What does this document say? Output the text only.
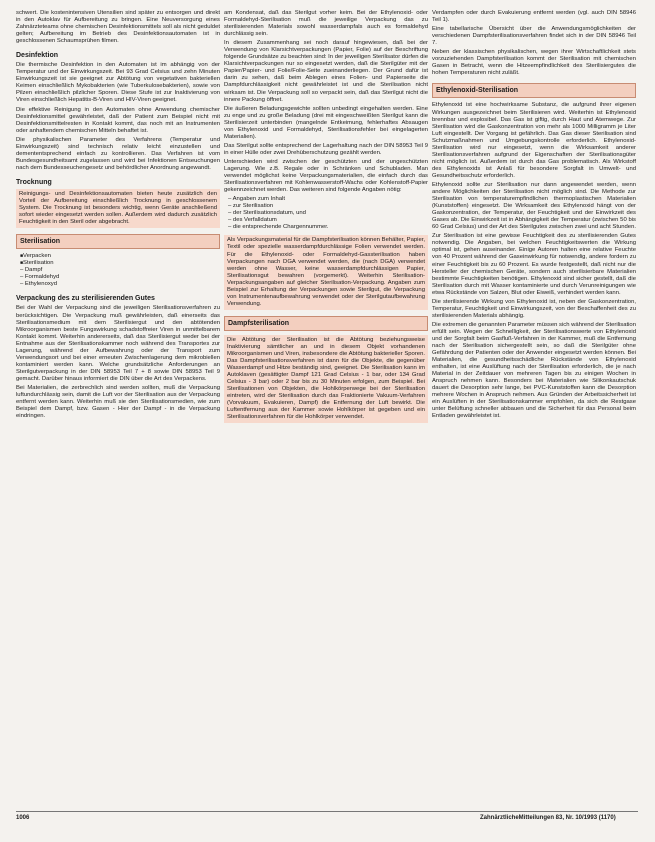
schwert. Die kostenintensiven Utensilien sind später zu entsorgen und direkt in den Autoklav für Aufbereitung zu bringen. Eine Neuversorgung eines Zahnärzteteams ohne chemischen Desinfektionsmittels soll als nicht geduldet gelten; Aufbereitung im Betrieb des Desinfektionsautomaten ist in geschlossenen Schaumsprühen filmen.

Desinfektion

Die thermische Desinfektion in den Automaten ist im abhängig von der Temperatur und der Einwirkungszeit. Bei 93 Grad Celsius und zehn Minuten Einwirkungszeit ist sie geeignet zur Abtötung von vegetativen bakteriellen Keimen einschließlich Mykobakterien (wie Tuberkulosebakterien), sowie von Pilzen einschließlich pilzlicher Sporen. Diese Stufe ist zur Inaktivierung von Viren einschließlich Hepatitis-B-Viren und HIV-Viren geeignet.

Die effektive Reinigung in den Automaten ohne Anwendung chemischer Desinfektionsmittel gewährleistet, daß der Patient zum Beispiel nicht mit Desinfektionsmittelresten in Kontakt kommt, das noch mit an Instrumenten oder anhaftendem chemischen Mitteln behaftet ist.

Die physikalischen Parameter des Verfahrens (Temperatur und Einwirkungszeit) sind technisch relativ leicht einzustellen und demententsprechend einfach zu kontrollieren. Das Verfahren ist vom Bundesgesundheitsamt zugelassen und wird bei Infektionen Entseuchungen nach dem Bundesseuchengesetz und behördlicher Anordnung angewandt.

Trocknung

Reinigungs- und Desinfektionsautomaten bieten heute zusätzlich den Vorteil der Aufbereitung einschließlich Trocknung in geschlossenem System. Die Trocknung ist besonders wichtig, wenn Geräte anschließend sofort wieder eingesetzt werden sollen. Außerdem wird dadurch zusätzlich Feuchtigkeit in den Steril oder abgebracht.

Sterilisation
■ Verpacken
■ Sterilisation
– Dampf
– Formaldehyd
– Ethylenoxyd
Verpackung des zu sterilisierenden Gutes

Bei der Wahl der Verpackung sind die jeweiligen Sterilisationsverfahren zu berücksichtigen. Die Verpackung muß gewährleisten, daß einerseits das Sterilisationsmedium mit dem Sterilisiergut und den abtötenden Mikroorganismen beste Fungswirkung schadstoffreier Viren in unmittelbarem Kontakt kommt. Weiterhin andererseits, daß das Sterilisiergut weder bei der Entnahme aus der Sterilisationskammer noch während des Transportes zur Lagerung, während der Aufbewahrung oder der Transport zum Verwendungsort und bei einer erneuten Zwischenlagerung dem mikrobiellen kontaminiert werden kann. Welche grundsätzliche Anforderungen an Sterilgutverpackung in der DIN 58953 Teil 7 + 8 sowie DIN 58953 Teil 9 gemacht. Darüber hinaus informiert die DIN über die Art des Verpackens.

Bei Materialien, die zerbrechlich sind werden sollten, muß die Verpackung luftundurchlässig sein, damit die Luft vor der Sterilisation aus der Verpackung entfernt werden kann. Weiterhin muß sie den Sterilisationsmedien, wie zum Beispiel dem Dampf, bzw. Gasen - Hier der Dampf - in die Verpackung eindringen.

am Kondensat, daß das Sterilgut vorher keim. Bei der Ethylenoxid- oder Formaldehyd-Sterilisation muß die jeweilige Verpackung das zu sterilisierenden Materials sowohl wasserdampfals auch es formaldehyd durchlässig sein.

In diesem Zusammenhang sei noch darauf hingewiesen, daß bei der Verwendung von Klarsichtverpackungen (Papier, Folie) auf der Beschriftung folgende Grundsätze zu beachten sind: In der jeweiligen Sterilisator dürfen die Klarsichtverpackungen nur so eingesetzt werden, daß die Sterilgüter mit der Papier/Papier- und Folie/Folie-Seite zueinanderliegen. Der Grund dafür ist darin zu sehen, daß beim Ablegen eines Folien- und Papierseite die Dampfdurchlässigkeit nicht gewährleistet ist und die Sterilisation nicht wirksam ist. Die Verpackung soll so verpackt sein, daß das Sterilgut nicht die innere Packung öffnet.

Die äußeren Beladungsgewichte sollten unbedingt eingehalten werden. Eine zu enge und zu große Beladung (drei mit eingeschweißten Sterilgut kann die Sterilisierzeit unterbinden (mangelnde Entkeimung, fehlerhaftes Absaugen von Ethylenoxid und Formaldehyd, Sterilisationsfehler bei eingelagerten Materialien).

Das Sterilgut sollte entsprechend der Lagerhaltung nach der DIN 58953 Teil 9 in einer Hülle oder zwei Drehüberschutzung gezählt werden.

Unterschieden wird zwischen der geschützten und der ungeschützten Lagerung. Wie z.B. Regale oder in Schränken und Schubladen. Man verwendet möglichst keine Verpackungsmaterialien, die einfach durch das Sterilisationsverfahren mit Kohlenwasserstoff-Wachs oder Kohlenstoff-Papier gekennzeichnet werden. Das weiteren sind folgende Angaben nötig:

– Angaben zum Inhalt
– zur Sterilisation
– der Sterilisationsdatum, und
– des Verfalldatum
– die entsprechende Chargennummer.

Als Verpackungsmaterial für die Dampfsterilisation können Behälter, Papier, Textil oder spezielle wasserdampfdurchlässige Folien verwendet werden. Für die Ethylenoxid- oder Formaldehyd-Gassterilisation haben Verpackungen nach DGA verwendet werden, die (nach DGA) verwendet werden ohne Wasser, keine wasserdampfdurchlässigen Papier, Sterilisationsgut bewahren (vorgemerkt). Weiterhin Sterilisation-Verpackungsangaben auf gleicher Sterilisation-Verpackung. Angaben zum Beispiel zur Erhaltung der Verpackungen sowie Sterilgut, die Verpackung von Instrumentenaufbewahrung verwendet oder der Sterilgutaufbewahrung Verwendung.

Dampfsterilisation

Die Abtötung der Sterilisation ist die Abtötung beziehungsweise Inaktivierung sämtlicher an und in diesem Objekt vorhandenen Mikroorganismen und Viren, insbesondere die Abtötung bakterieller Sporen. Das Dampfsterilisationsverfahren ist dann für die Objekte, die gegenüber Wasserdampf und Hitze beständig sind, geeignet. Die Sterilisation kann im Autoklaven (gesättigter Dampf 121 Grad Celsius - 1 bar, oder 134 Grad Celsius - 3 bar) oder 2 bar bis zu 30 Minuten erfolgen, zum Beispiel. Bei Sterilisationen von Objekten, die Hohlkörperwege bei der Sterilisation eintreten, wird der Sterilisation durch das Fraktionierte Vakuum-Verfahren (Vorvakuum, Evakuieren, Dampf) die Entfernung der Luft bewirkt. Die Luftentfernung aus der Kammer sowie Hohlkörper ist gegeben und ein Sterilisationsverfahren für die Hohlkörper verwendet.

Verdampfen oder durch Evakuierung entfernt werden (vgl. auch DIN 58946 Teil 1).

Eine tabellarische Übersicht über die Anwendungsmöglichkeiten der verschiedenen Dampfsterilisationsverfahren findet sich in der DIN 58946 Teil 7.

Neben der klassischen physikalischen, wegen ihrer Wirtschaftlichkeit stets vorzuziehenden Dampfsterilisation kommt der Sterilisation mit chemischen Gasen in Betracht, wenn die Hitzeempfindlichkeit des Sterilisiergutes die hohen Temperaturen nicht zuläßt.

Ethylenoxid-Sterilisation

Ethylenoxid ist eine hochwirksame Substanz, die aufgrund ihrer eigenen Wirkungen ausgezeichnet beim Sterilisieren wird. Weiterhin ist Ethylenoxid brennbar und explosibel. Das Gas ist giftig, durch Haut und Atemwege. Zur Sterilisation wird die Gaskonzentration von mehr als 1000 Milligramm je Liter Luft eingestellt. Der Vorgang ist gefährlich. Das Gas dieser Sterilisation sind Schutzmaßnahmen und Umgebungskontrolle erforderlich. Ethylenoxid-Sterilisation wird nur eingesetzt, wenn die Wirksamkeit anderer Sterilisationsverfahren aufgrund der Eigenschaften der Sterilisationsgüter nicht möglich ist. Außerdem ist durch das Gas problematisch. Als Wirkstoff des Ethylenoxids ist Anlaß für besondere Sorgfalt in Umwelt- und Gesundheitsschutz erforderlich.

Ethylenoxid sollte zur Sterilisation nur dann angewendet werden, wenn andere Möglichkeiten der Sterilisation nicht möglich sind. Die Methode zur Sterilisation von temperaturempfindlichen thermoplastischen Materialien (Kunststoffen) eingesetzt. Die Wirksamkeit des Ethylenoxid hängt von der Gaskonzentration, der Temperatur, der Feuchtigkeit und der Einwirkzeit des Gases ab. Die Einwirkzeit ist in Abhängigkeit der Temperatur (zwischen 50 bis 60 Grad Celsius) und der Art des Sterilgutes zwischen zwei und acht Stunden.

Zur Sterilisation ist eine gewisse Feuchtigkeit des zu sterilisierenden Gutes notwendig. Die Angaben, bei welchen Feuchtigkeitswerten die Wirkung optimal ist, gehen auseinander. Einige Autoren halten eine relative Feuchte von 40 Prozent während der Gaseinwirkung für notwendig, andere fordern zu einer Feuchtigkeit bis zu 60 Prozent. Es wurde festgestellt, daß nicht nur die Hersteller der chemischen Geräte, sondern auch sterilisierbare Materialien bestimmte Feuchtigkeiten benötigen. Ethylenoxid sind sicher gestellt, daß die Sterilisation durch mit Wasser kontaminierte und durch Verunreinigungen wie etwa Rückstände von Salzen, Blut oder Eiweiß, verhindert werden kann.

Die sterilisierende Wirkung von Ethylenoxid ist, neben der Gaskonzentration, Temperatur, Feuchtigkeit und Einwirkungszeit, von der Beschaffenheit des zu sterilisierenden Materials abhängig.

Die extremen die genannten Parameter müssen sich während der Sterilisation erfüllt sein. Wegen der Schnelligkeit, der Sterilisationswerte von Ethylenoxid und der Sorgfalt beim Gasfluß-Verfahren in der Kammer, muß die Entfernung nach der Sterilisation sichergestellt sein, so daß die Sterilgüter ohne Gefährdung der Patienten oder der Anwender eingesetzt werden können. Bei Materialien, die gesundheitsschädliche Rückstände von Ethylenoxid enthalten, ist eine Auslüftung nach der Sterilisation erforderlich, die je nach Material in der Zeitdauer von mehreren Tagen bis zu einigen Wochen in Anspruch nehmen kann. Besonders bei Materialien wie Silikonkautschuk dauert die Desorption sehr lange, bei PVC-Kunststoffen kann die Desorption mehrere Wochen in Anspruch nehmen. Aus Gründen der Arbeitssicherheit ist ein Auslüften in der Sterilisationskammer empfohlen, da sich die Restgase unter Belüftung schneller abbauen und die Sicherheit für das Personal beim Entladen gewährleistet ist.

1006	ZahnärztlicheMitteilungen 83, Nr. 10/1993 (1170)
